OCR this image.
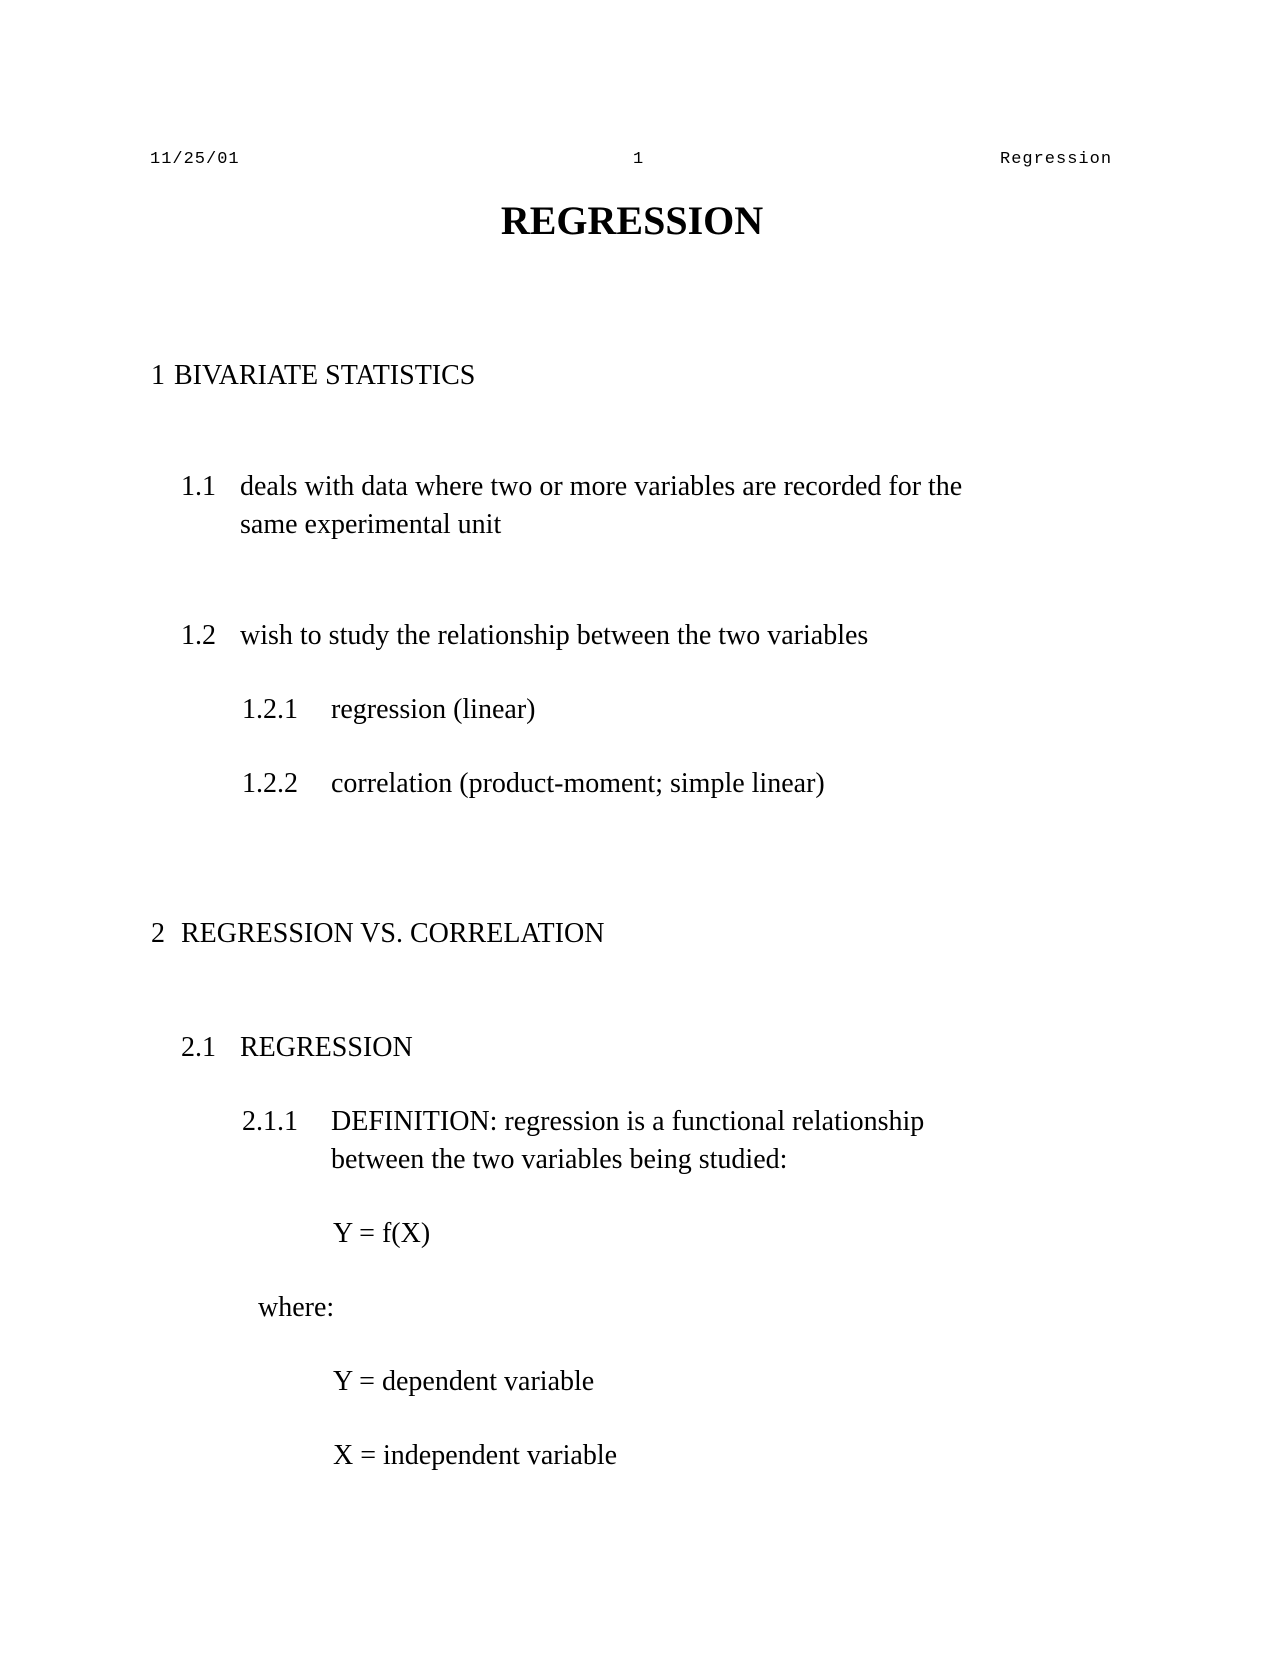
11/25/01	1	Regression
REGRESSION
1 BIVARIATE STATISTICS
1.1 deals with data where two or more variables are recorded for the
same experimental unit
1.2 wish to study the relationship between the two variables
1.2.1 regression (linear)
1.2.2 correlation (product-moment; simple linear)
2 REGRESSION VS. CORRELATION
2.1 REGRESSION
2.1.1 DEFINITION: regression is a functional relationship
between the two variables being studied:
Y = f(X)
where:
Y = dependent variable
X = independent variable
